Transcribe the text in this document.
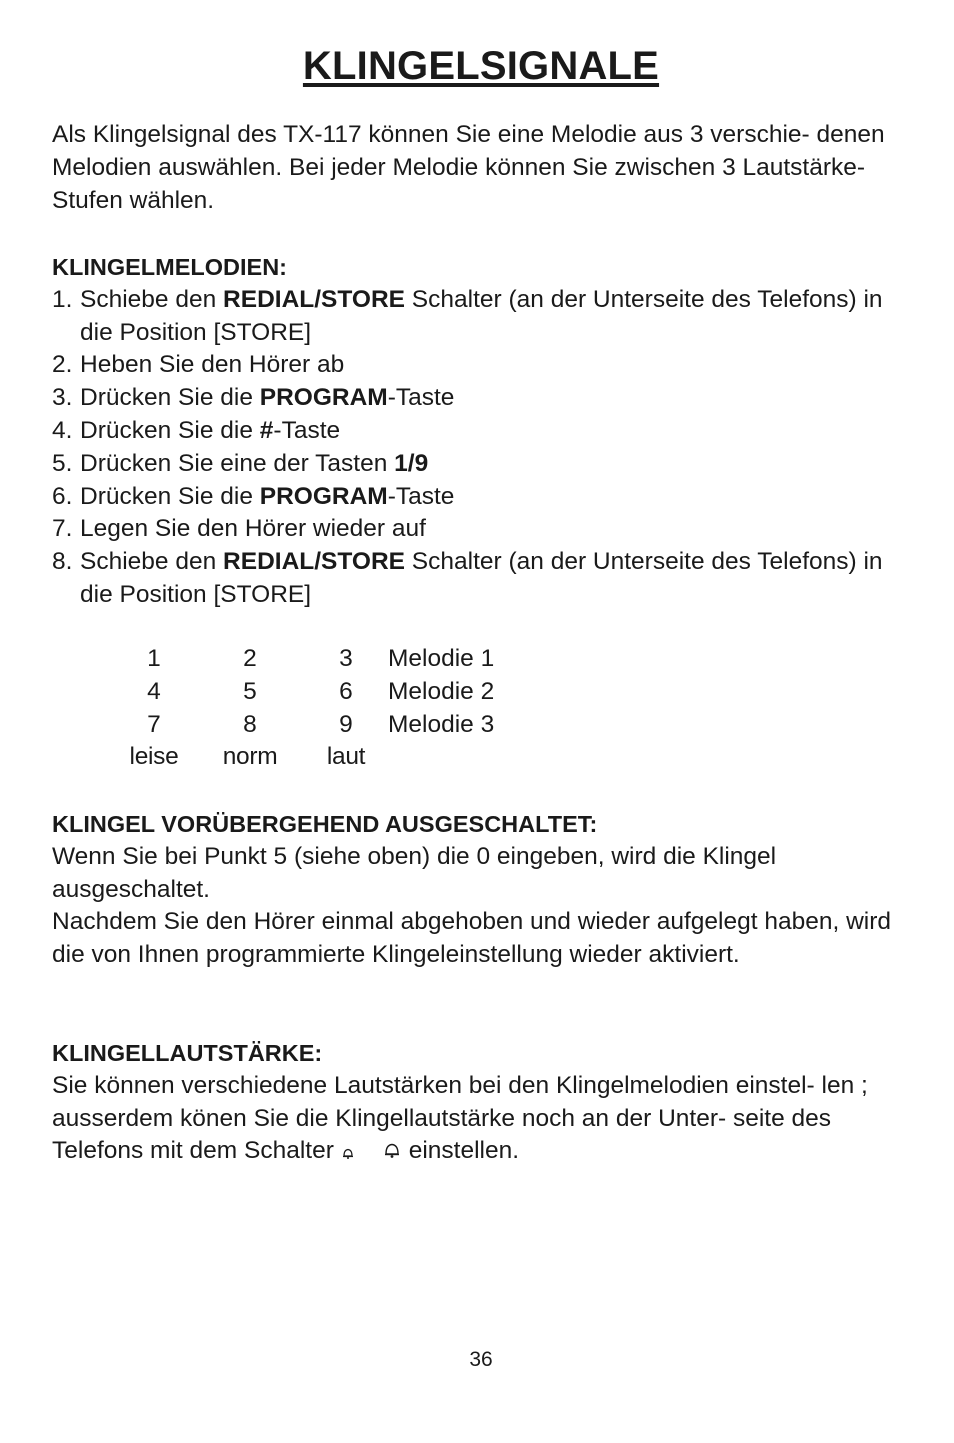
KLINGELSIGNALE
Als Klingelsignal des TX-117 können Sie eine Melodie aus 3 verschie- denen Melodien auswählen. Bei jeder Melodie können Sie zwischen 3 Lautstärke-Stufen wählen.
KLINGELMELODIEN:
1. Schiebe den REDIAL/STORE Schalter (an der Unterseite des Telefons) in die Position [STORE]
2. Heben Sie den Hörer ab
3. Drücken Sie die PROGRAM-Taste
4. Drücken Sie die #-Taste
5. Drücken Sie eine der Tasten 1/9
6. Drücken Sie die PROGRAM-Taste
7. Legen Sie den Hörer wieder auf
8. Schiebe den REDIAL/STORE Schalter (an der Unterseite des Telefons) in die Position [STORE]
1	2	3	Melodie 1
4	5	6	Melodie 2
7	8	9	Melodie 3
leise	norm	laut
KLINGEL VORÜBERGEHEND AUSGESCHALTET:
Wenn Sie bei Punkt 5 (siehe oben) die 0 eingeben, wird die Klingel ausgeschaltet.
Nachdem Sie den Hörer einmal abgehoben und wieder aufgelegt haben, wird die von Ihnen programmierte Klingeleinstellung wieder aktiviert.
KLINGELLAUTSTÄRKE:
Sie können verschiedene Lautstärken bei den Klingelmelodien einstel- len ; ausserdem könen Sie die Klingellautstärke noch an der Unter- seite des Telefons mit dem Schalter	einstellen.
36
